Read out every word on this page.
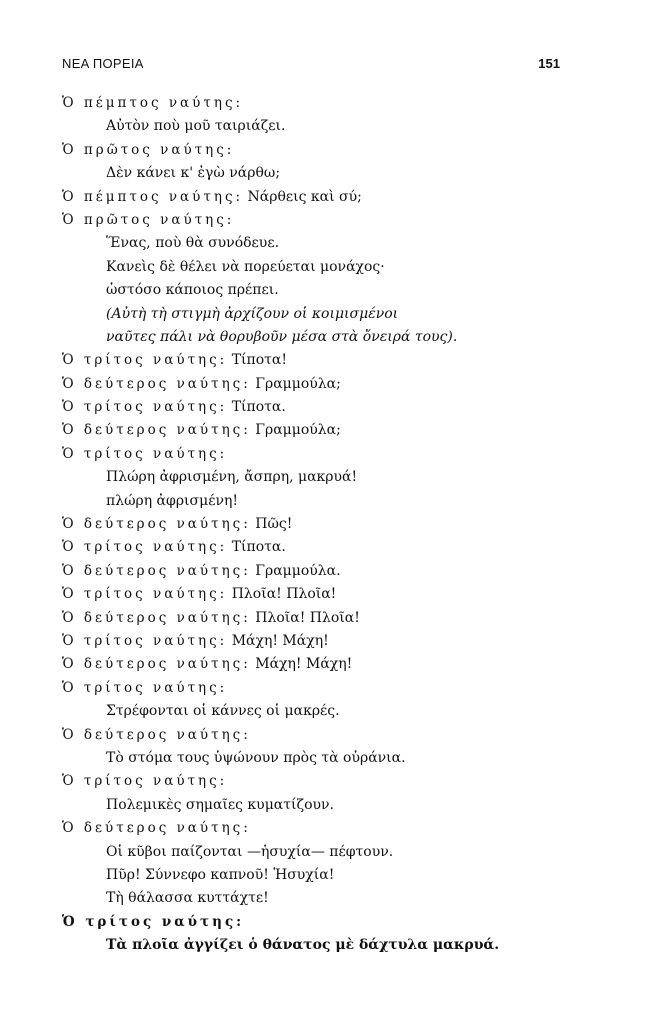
ΝΕΑ ΠΟΡΕΙΑ	151
Ὁ πέμπτος ναύτης:
Αὐτὸν ποὺ μοῦ ταιριάζει.
Ὁ πρῶτος ναύτης:
Δὲν κάνει κ' ἐγὼ νάρθω;
Ὁ πέμπτος ναύτης: Νάρθεις καὶ σύ;
Ὁ πρῶτος ναύτης:
Ἕνας, ποὺ θὰ συνόδευε.
Κανεὶς δὲ θέλει νὰ πορεύεται μονάχος·
ὡστόσο κάποιος πρέπει.
(Αὐτὴ τὴ στιγμὴ ἀρχίζουν οἱ κοιμισμένοι
ναῦτες πάλι νὰ θορυβοῦν μέσα στὰ ὄνειρά τους).
Ὁ τρίτος ναύτης: Τίποτα!
Ὁ δεύτερος ναύτης: Γραμμούλα;
Ὁ τρίτος ναύτης: Τίποτα.
Ὁ δεύτερος ναύτης: Γραμμούλα;
Ὁ τρίτος ναύτης:
Πλώρη ἀφρισμένη, ἄσπρη, μακρυά!
πλώρη ἀφρισμένη!
Ὁ δεύτερος ναύτης: Πῶς!
Ὁ τρίτος ναύτης: Τίποτα.
Ὁ δεύτερος ναύτης: Γραμμούλα.
Ὁ τρίτος ναύτης: Πλοῖα! Πλοῖα!
Ὁ δεύτερος ναύτης: Πλοῖα! Πλοῖα!
Ὁ τρίτος ναύτης: Μάχη! Μάχη!
Ὁ δεύτερος ναύτης: Μάχη! Μάχη!
Ὁ τρίτος ναύτης:
Στρέφονται οἱ κάννες οἱ μακρές.
Ὁ δεύτερος ναύτης:
Τὸ στόμα τους ὑψώνουν πρὸς τὰ οὐράνια.
Ὁ τρίτος ναύτης:
Πολεμικὲς σημαῖες κυματίζουν.
Ὁ δεύτερος ναύτης:
Οἱ κῦβοι παίζονται —ἡσυχία— πέφτουν.
Πῦρ! Σύννεφο καπνοῦ! Ἡσυχία!
Τὴ θάλασσα κυττάχτε!
Ὁ τρίτος ναύτης:
Τὰ πλοῖα ἀγγίζει ὁ θάνατος μὲ δάχτυλα μακρυά.
